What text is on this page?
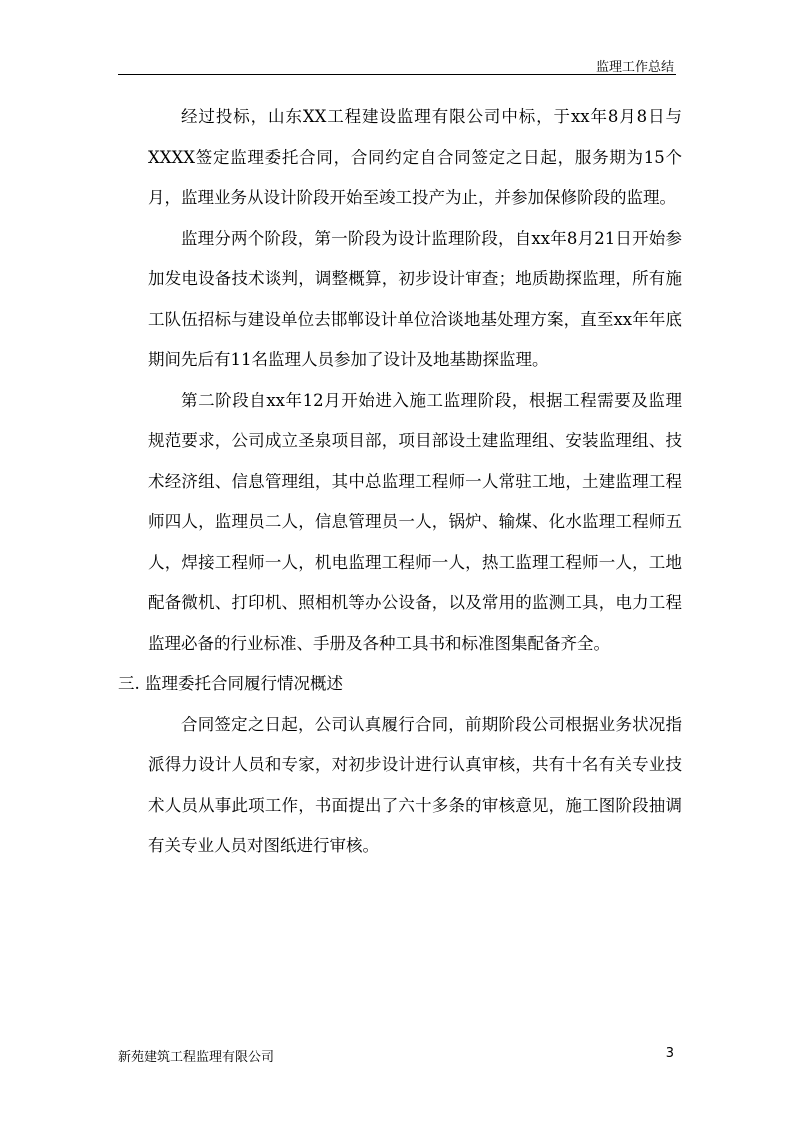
监理工作总结

经过投标，山东XX工程建设监理有限公司中标，于xx年8月8日与XXXX签定监理委托合同，合同约定自合同签定之日起，服务期为15个月，监理业务从设计阶段开始至竣工投产为止，并参加保修阶段的监理。

监理分两个阶段，第一阶段为设计监理阶段，自xx年8月21日开始参加发电设备技术谈判，调整概算，初步设计审查；地质勘探监理，所有施工队伍招标与建设单位去邯郸设计单位洽谈地基处理方案，直至xx年年底期间先后有11名监理人员参加了设计及地基勘探监理。

第二阶段自xx年12月开始进入施工监理阶段，根据工程需要及监理规范要求，公司成立圣泉项目部，项目部设土建监理组、安装监理组、技术经济组、信息管理组，其中总监理工程师一人常驻工地，土建监理工程师四人，监理员二人，信息管理员一人，锅炉、输煤、化水监理工程师五人，焊接工程师一人，机电监理工程师一人，热工监理工程师一人，工地配备微机、打印机、照相机等办公设备，以及常用的监测工具，电力工程监理必备的行业标准、手册及各种工具书和标准图集配备齐全。

三. 监理委托合同履行情况概述

合同签定之日起，公司认真履行合同，前期阶段公司根据业务状况指派得力设计人员和专家，对初步设计进行认真审核，共有十名有关专业技术人员从事此项工作，书面提出了六十多条的审核意见，施工图阶段抽调有关专业人员对图纸进行审核。

新苑建筑工程监理有限公司	3
